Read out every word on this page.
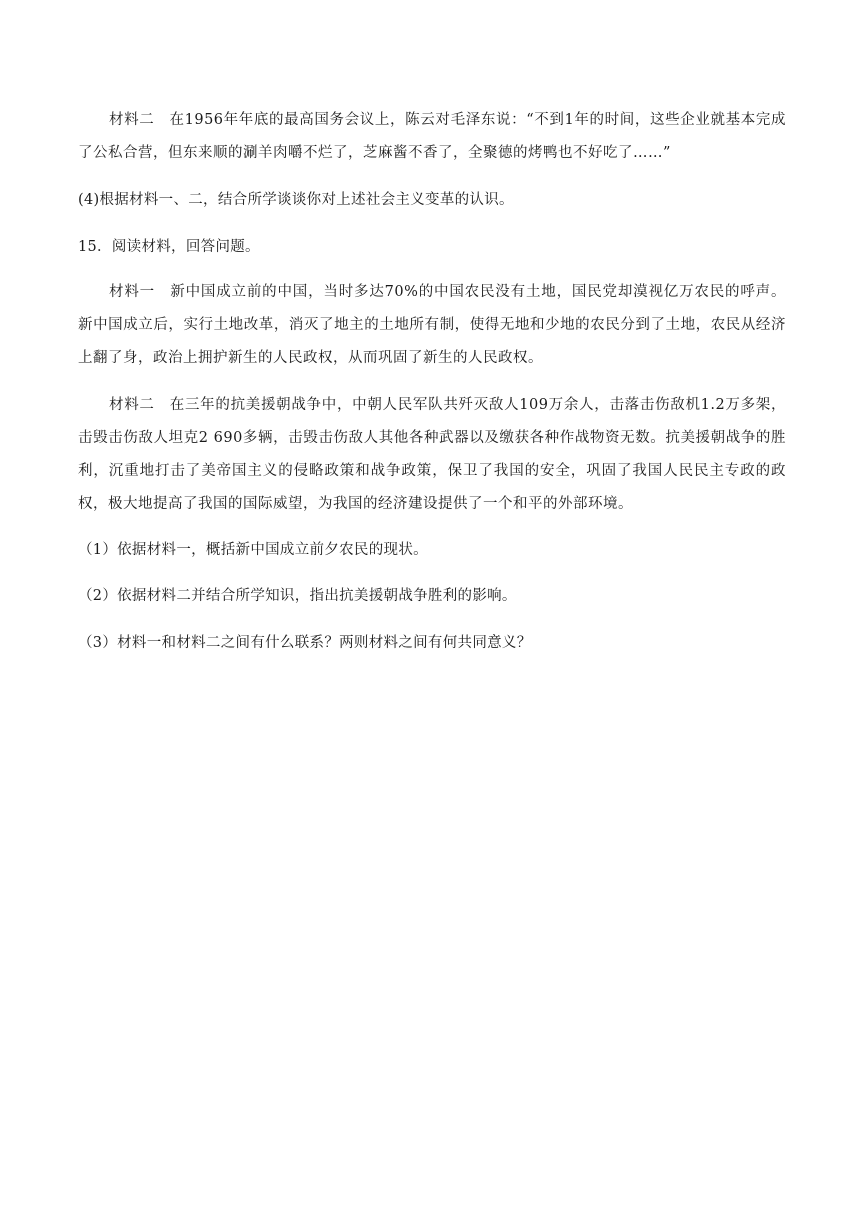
材料二　在1956年年底的最高国务会议上，陈云对毛泽东说：“不到1年的时间，这些企业就基本完成了公私合营，但东来顺的涮羊肉嚼不烂了，芝麻酱不香了，全聚德的烤鸭也不好吃了……”

(4)根据材料一、二，结合所学谈谈你对上述社会主义变革的认识。

15．阅读材料，回答问题。

材料一　新中国成立前的中国，当时多达70%的中国农民没有土地，国民党却漠视亿万农民的呼声。新中国成立后，实行土地改革，消灭了地主的土地所有制，使得无地和少地的农民分到了土地，农民从经济上翻了身，政治上拥护新生的人民政权，从而巩固了新生的人民政权。

材料二　在三年的抗美援朝战争中，中朝人民军队共歼灭敌人109万余人，击落击伤敌机1.2万多架，击毁击伤敌人坦克2 690多辆，击毁击伤敌人其他各种武器以及缴获各种作战物资无数。抗美援朝战争的胜利，沉重地打击了美帝国主义的侵略政策和战争政策，保卫了我国的安全，巩固了我国人民民主专政的政权，极大地提高了我国的国际威望，为我国的经济建设提供了一个和平的外部环境。

（1）依据材料一，概括新中国成立前夕农民的现状。

（2）依据材料二并结合所学知识，指出抗美援朝战争胜利的影响。

（3）材料一和材料二之间有什么联系？两则材料之间有何共同意义？
